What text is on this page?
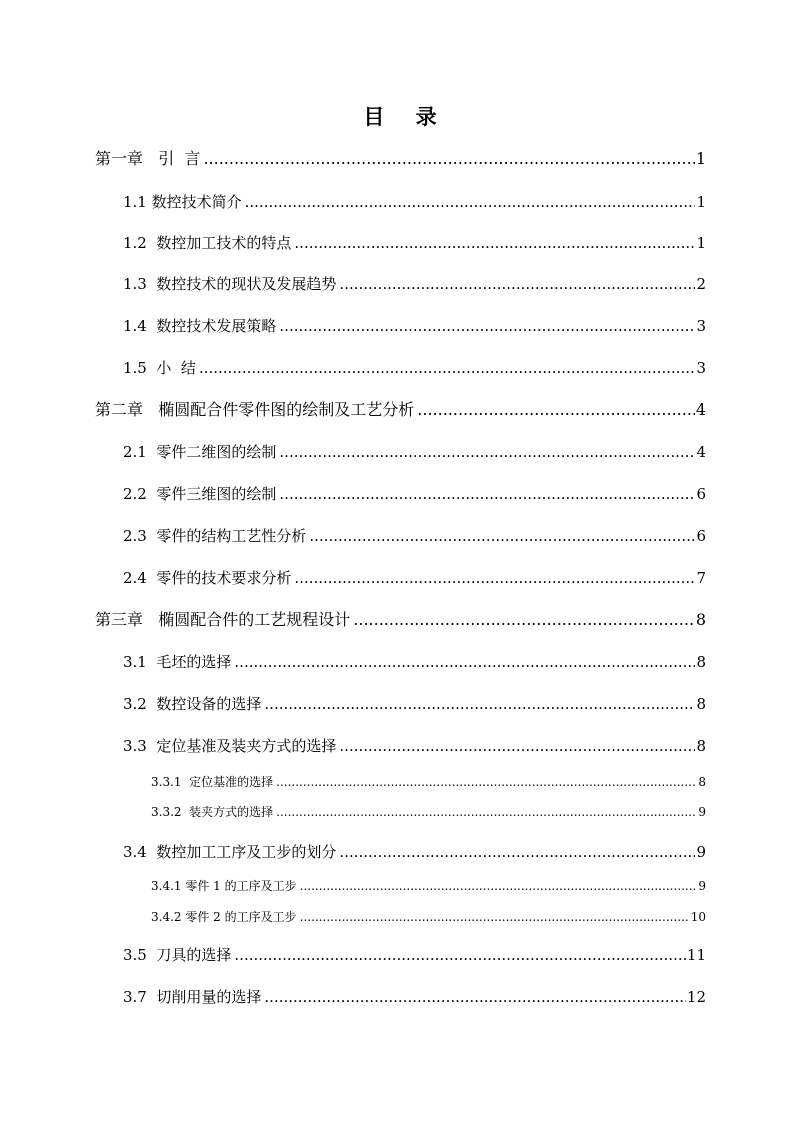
目 录
第一章   引  言 .....	1
1.1 数控技术简介 .....	1
1.2  数控加工技术的特点 .....	1
1.3  数控技术的现状及发展趋势 .....	2
1.4  数控技术发展策略 .....	3
1.5  小  结 .....	3
第二章   椭圆配合件零件图的绘制及工艺分析 .....	4
2.1  零件二维图的绘制 .....	4
2.2  零件三维图的绘制 .....	6
2.3  零件的结构工艺性分析 .....	6
2.4  零件的技术要求分析 .....	7
第三章   椭圆配合件的工艺规程设计 .....	8
3.1  毛坯的选择 .....	8
3.2  数控设备的选择 .....	8
3.3  定位基准及装夹方式的选择 .....	8
3.3.1  定位基准的选择 .....	8
3.3.2  装夹方式的选择 .....	9
3.4  数控加工工序及工步的划分 .....	9
3.4.1 零件 1 的工序及工步 .....	9
3.4.2 零件 2 的工序及工步 .....	10
3.5  刀具的选择 .....	11
3.7  切削用量的选择 .....	12
